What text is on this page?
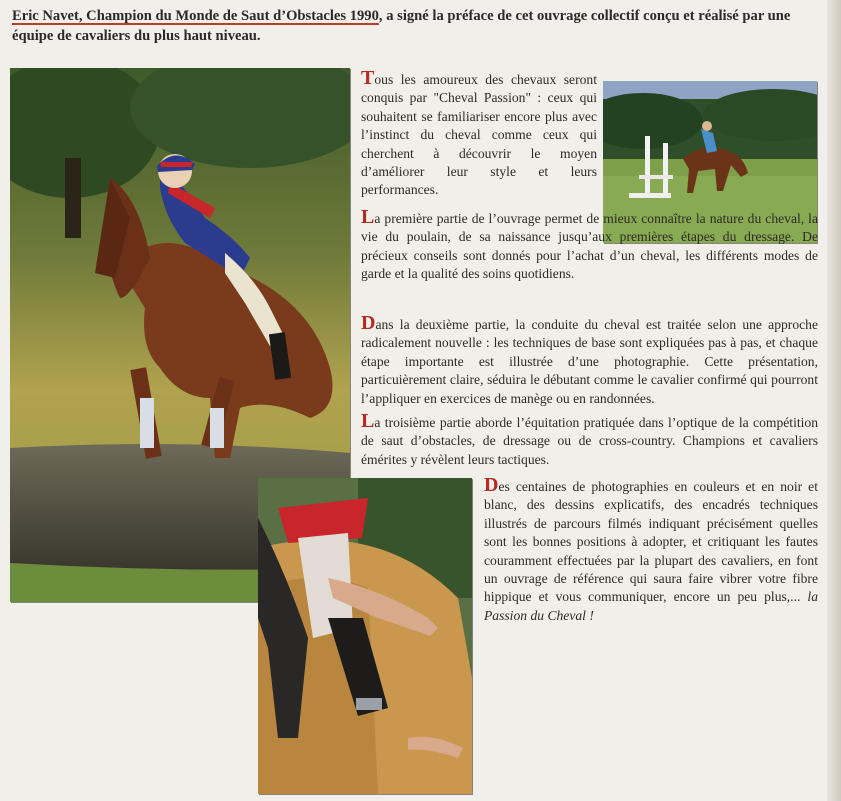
Eric Navet, Champion du Monde de Saut d’Obstacles 1990, a signé la préface de cet ouvrage collectif conçu et réalisé par une équipe de cavaliers du plus haut niveau.

Tous les amoureux des chevaux seront conquis par "Cheval Passion" : ceux qui souhaitent se familiariser encore plus avec l’instinct du cheval comme ceux qui cherchent à découvrir le moyen d’améliorer leur style et leurs performances.

La première partie de l’ouvrage permet de mieux connaître la nature du cheval, la vie du poulain, de sa naissance jusqu’aux premières étapes du dressage. De précieux conseils sont donnés pour l’achat d’un cheval, les différents modes de garde et la qualité des soins quotidiens.

Dans la deuxième partie, la conduite du cheval est traitée selon une approche radicalement nouvelle : les techniques de base sont expliquées pas à pas, et chaque étape importante est illustrée d’une photographie. Cette présentation, particuièrement claire, séduira le débutant comme le cavalier confirmé qui pourront l’appliquer en exercices de manège ou en randonnées.

La troisième partie aborde l’équitation pratiquée dans l’optique de la compétition de saut d’obstacles, de dressage ou de cross-country. Champions et cavaliers émérites y révèlent leurs tactiques.

Des centaines de photographies en couleurs et en noir et blanc, des dessins explicatifs, des encadrés techniques illustrés de parcours filmés indiquant précisément quelles sont les bonnes positions à adopter, et critiquant les fautes couramment effectuées par la plupart des cavaliers, en font un ouvrage de référence qui saura faire vibrer votre fibre hippique et vous communiquer, encore un peu plus,... la Passion du Cheval !
